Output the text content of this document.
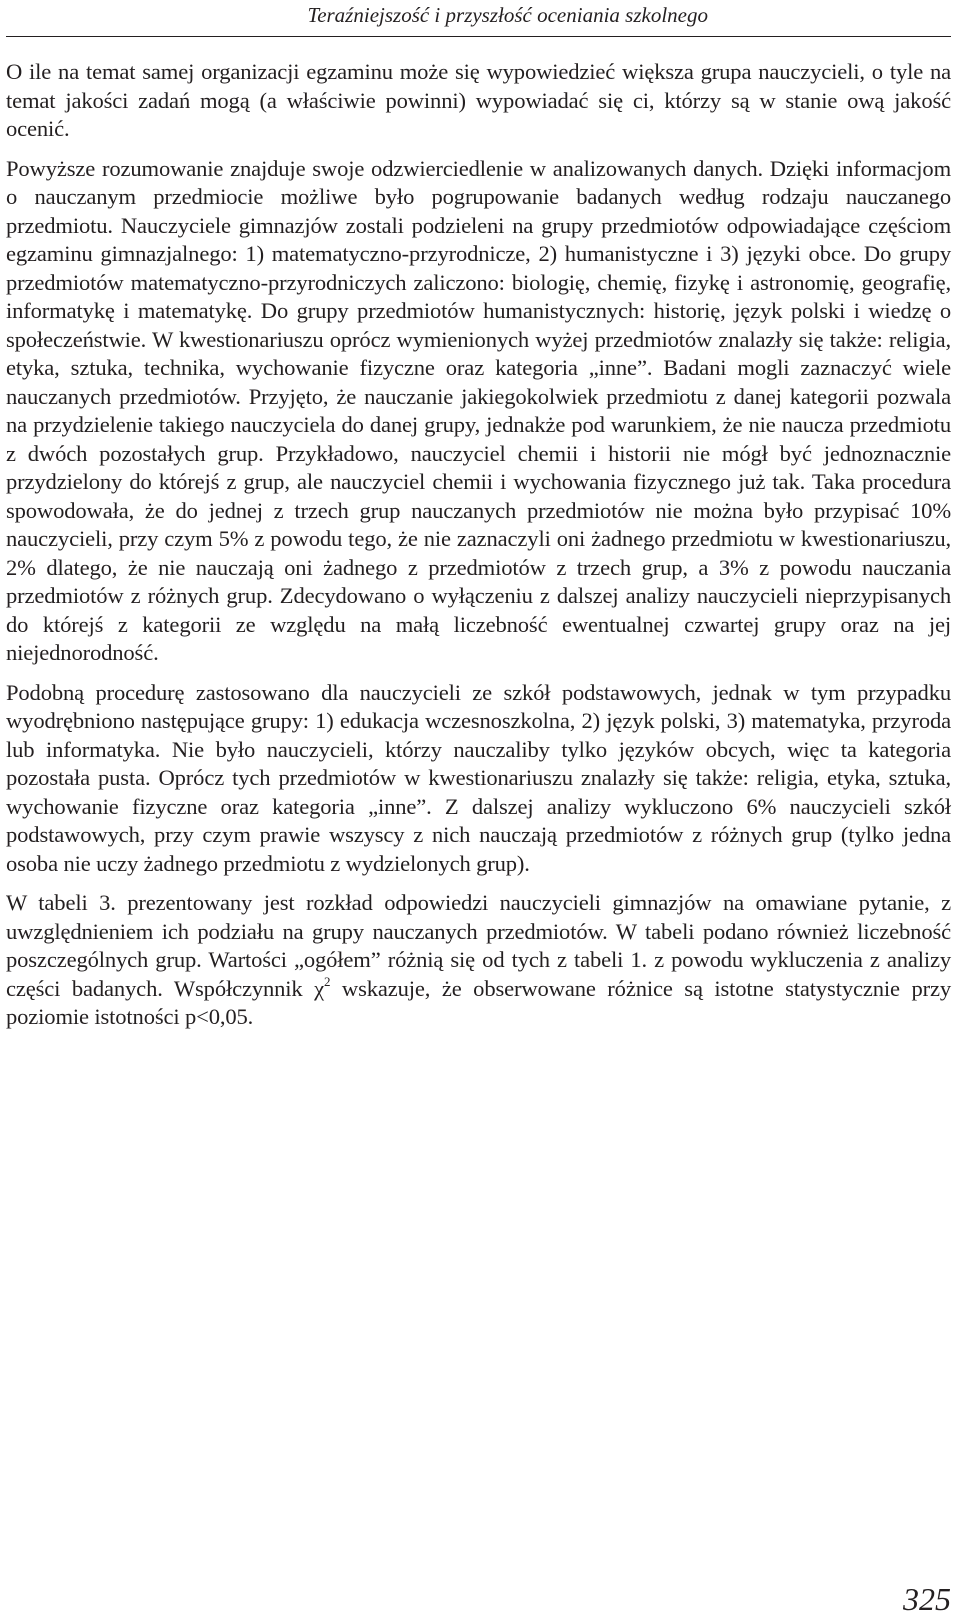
Teraźniejszość i przyszłość oceniania szkolnego

O ile na temat samej organizacji egzaminu może się wypowiedzieć większa grupa nauczycieli, o tyle na temat jakości zadań mogą (a właściwie powinni) wypowiadać się ci, którzy są w stanie ową jakość ocenić.

Powyższe rozumowanie znajduje swoje odzwierciedlenie w analizowanych danych. Dzięki informacjom o nauczanym przedmiocie możliwe było pogrupowanie badanych według rodzaju nauczanego przedmiotu. Nauczyciele gimnazjów zostali podzieleni na grupy przedmiotów odpowiadające częściom egzaminu gimnazjalnego: 1) matematyczno-przyrodnicze, 2) humanistyczne i 3) języki obce. Do grupy przedmiotów matematyczno-przyrodniczych zaliczono: biologię, chemię, fizykę i astronomię, geografię, informatykę i matematykę. Do grupy przedmiotów humanistycznych: historię, język polski i wiedzę o społeczeństwie. W kwestionariuszu oprócz wymienionych wyżej przedmiotów znalazły się także: religia, etyka, sztuka, technika, wychowanie fizyczne oraz kategoria „inne”. Badani mogli zaznaczyć wiele nauczanych przedmiotów. Przyjęto, że nauczanie jakiegokolwiek przedmiotu z danej kategorii pozwala na przydzielenie takiego nauczyciela do danej grupy, jednakże pod warunkiem, że nie naucza przedmiotu z dwóch pozostałych grup. Przykładowo, nauczyciel chemii i historii nie mógł być jednoznacznie przydzielony do którejś z grup, ale nauczyciel chemii i wychowania fizycznego już tak. Taka procedura spowodowała, że do jednej z trzech grup nauczanych przedmiotów nie można było przypisać 10% nauczycieli, przy czym 5% z powodu tego, że nie zaznaczyli oni żadnego przedmiotu w kwestionariuszu, 2% dlatego, że nie nauczają oni żadnego z przedmiotów z trzech grup, a 3% z powodu nauczania przedmiotów z różnych grup. Zdecydowano o wyłączeniu z dalszej analizy nauczycieli nieprzypisanych do którejś z kategorii ze względu na małą liczebność ewentualnej czwartej grupy oraz na jej niejednorodność.

Podobną procedurę zastosowano dla nauczycieli ze szkół podstawowych, jednak w tym przypadku wyodrębniono następujące grupy: 1) edukacja wczesnoszkolna, 2) język polski, 3) matematyka, przyroda lub informatyka. Nie było nauczycieli, którzy nauczaliby tylko języków obcych, więc ta kategoria pozostała pusta. Oprócz tych przedmiotów w kwestionariuszu znalazły się także: religia, etyka, sztuka, wychowanie fizyczne oraz kategoria „inne”. Z dalszej analizy wykluczono 6% nauczycieli szkół podstawowych, przy czym prawie wszyscy z nich nauczają przedmiotów z różnych grup (tylko jedna osoba nie uczy żadnego przedmiotu z wydzielonych grup).

W tabeli 3. prezentowany jest rozkład odpowiedzi nauczycieli gimnazjów na omawiane pytanie, z uwzględnieniem ich podziału na grupy nauczanych przedmiotów. W tabeli podano również liczebność poszczególnych grup. Wartości „ogółem” różnią się od tych z tabeli 1. z powodu wykluczenia z analizy części badanych. Współczynnik $\chi^2$ wskazuje, że obserwowane różnice są istotne statystycznie przy poziomie istotności p<0,05.

325
